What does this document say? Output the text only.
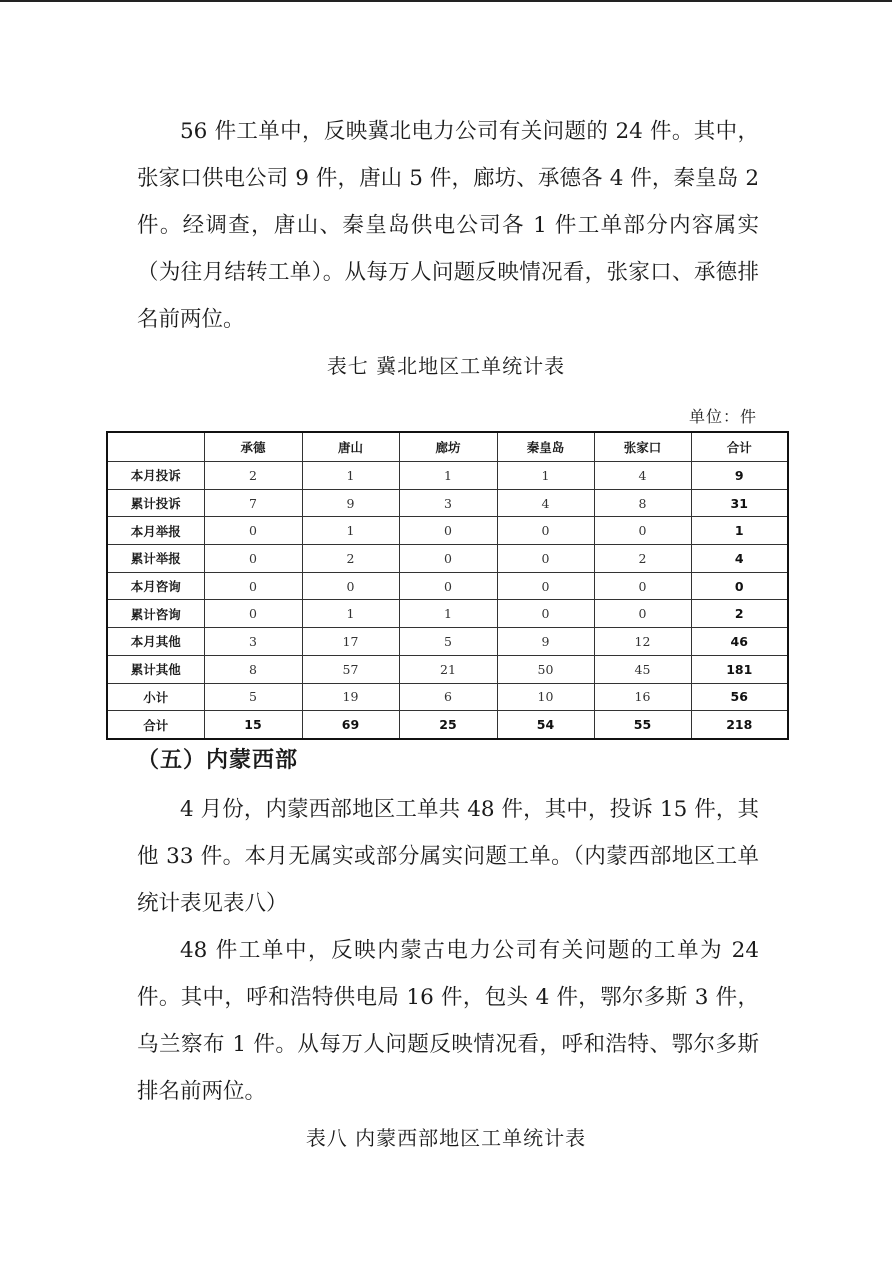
56 件工单中，反映冀北电力公司有关问题的 24 件。其中，张家口供电公司 9 件，唐山 5 件，廊坊、承德各 4 件，秦皇岛 2 件。经调查，唐山、秦皇岛供电公司各 1 件工单部分内容属实（为往月结转工单）。从每万人问题反映情况看，张家口、承德排名前两位。

表七 冀北地区工单统计表
单位：件
	承德	唐山	廊坊	秦皇岛	张家口	合计
本月投诉	2	1	1	1	4	9
累计投诉	7	9	3	4	8	31
本月举报	0	1	0	0	0	1
累计举报	0	2	0	0	2	4
本月咨询	0	0	0	0	0	0
累计咨询	0	1	1	0	0	2
本月其他	3	17	5	9	12	46
累计其他	8	57	21	50	45	181
小计	5	19	6	10	16	56
合计	15	69	25	54	55	218
（五）内蒙西部

4 月份，内蒙西部地区工单共 48 件，其中，投诉 15 件，其他 33 件。本月无属实或部分属实问题工单。（内蒙西部地区工单统计表见表八）

48 件工单中，反映内蒙古电力公司有关问题的工单为 24 件。其中，呼和浩特供电局 16 件，包头 4 件，鄂尔多斯 3 件，乌兰察布 1 件。从每万人问题反映情况看，呼和浩特、鄂尔多斯排名前两位。

表八 内蒙西部地区工单统计表
